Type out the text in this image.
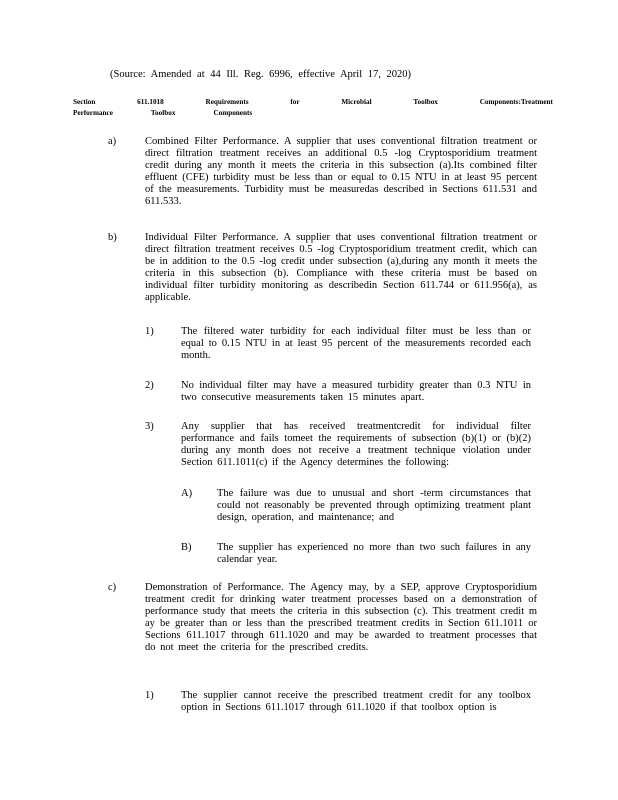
(Source: Amended at 44 Ill. Reg. 6996, effective April 17, 2020)
Section	611.1018	Requirements	for	Microbial	Toolbox	Components:Treatment
Performance	Toolbox	Components
a)	Combined Filter Performance. A supplier that uses conventional filtration treatment or direct filtration treatment receives an additional 0.5 -log Cryptosporidium treatment credit during any month it meets the criteria in this subsection (a).Its combined filter effluent (CFE) turbidity must be less than or equal to 0.15 NTU in at least 95 percent of the measurements. Turbidity must be measuredas described in Sections 611.531 and 611.533.
b)	Individual Filter Performance. A supplier that uses conventional filtration treatment or direct filtration treatment receives 0.5 -log Cryptosporidium treatment credit, which can be in addition to the 0.5 -log credit under subsection (a),during any month it meets the criteria in this subsection (b). Compliance with these criteria must be based on individual filter turbidity monitoring as describedin Section 611.744 or 611.956(a), as applicable.
1)	The filtered water turbidity for each individual filter must be less than or equal to 0.15 NTU in at least 95 percent of the measurements recorded each month.
2)	No individual filter may have a measured turbidity greater than 0.3 NTU in two consecutive measurements taken 15 minutes apart.
3)	Any supplier that has received treatmentcredit for individual filter performance and fails tomeet the requirements of subsection (b)(1) or (b)(2) during any month does not receive a treatment technique violation under Section 611.1011(c) if the Agency determines the following:
A) The failure was due to unusual and short -term circumstances that could not reasonably be prevented through optimizing treatment plant design, operation, and maintenance; and
B) The supplier has experienced no more than two such failures in any calendar year.
c)	Demonstration of Performance. The Agency may, by a SEP, approve Cryptosporidium treatment credit for drinking water treatment processes based on a demonstration of performance study that meets the criteria in this subsection (c). This treatment credit m ay be greater than or less than the prescribed treatment credits in Section 611.1011 or Sections 611.1017 through 611.1020 and may be awarded to treatment processes that do not meet the criteria for the prescribed credits.
1)	The supplier cannot receive the prescribed treatment credit for any toolbox option in Sections 611.1017 through 611.1020 if that toolbox option is
